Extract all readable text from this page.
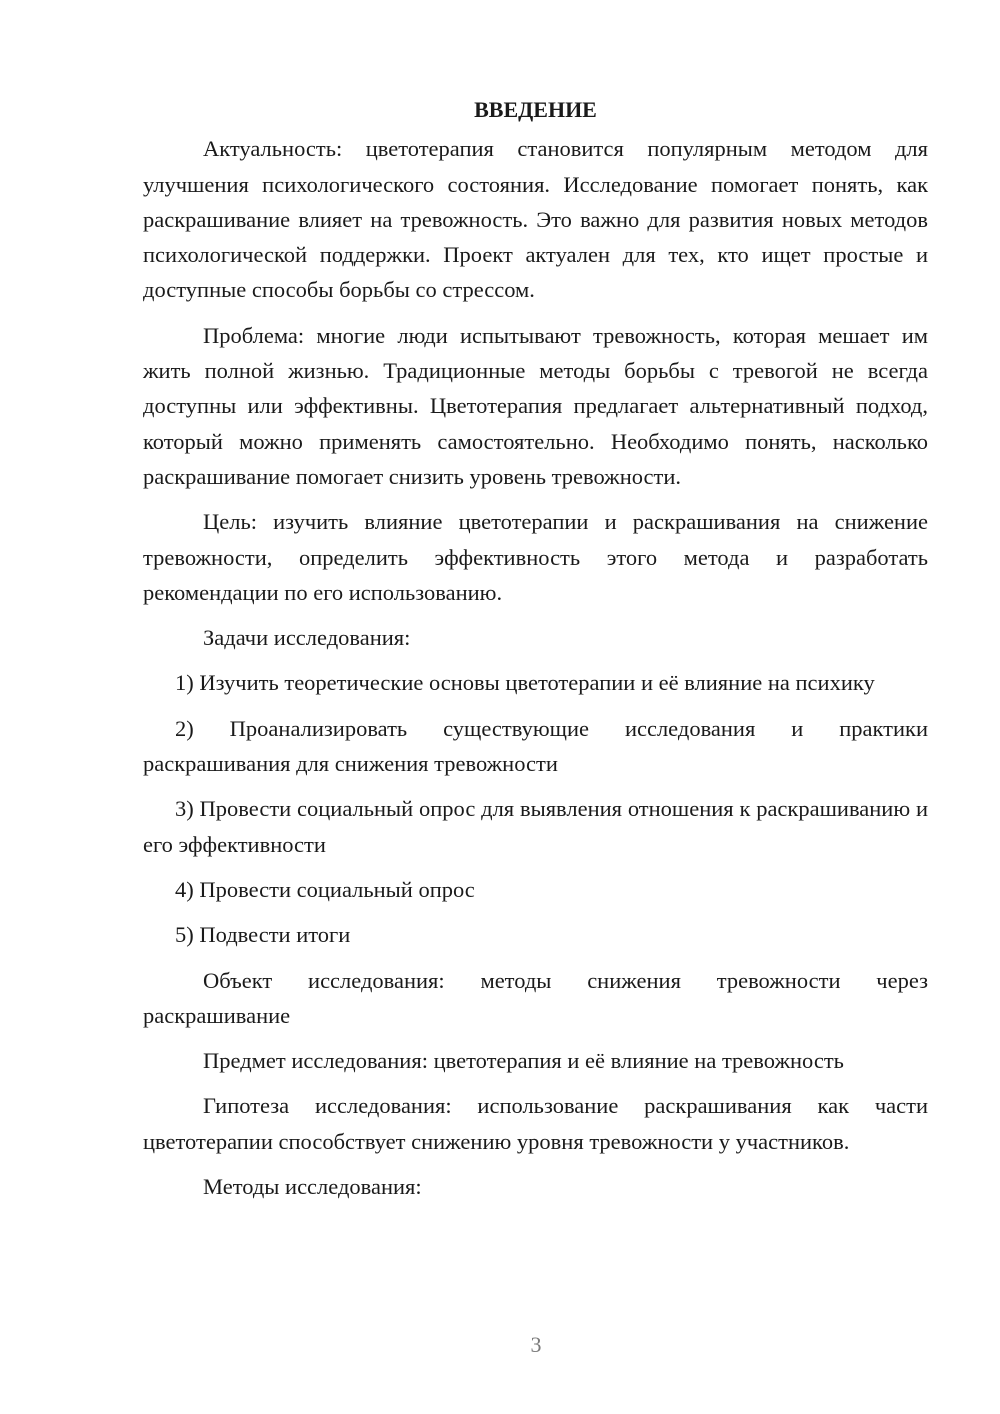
ВВЕДЕНИЕ

Актуальность: цветотерапия становится популярным методом для улучшения психологического состояния. Исследование помогает понять, как раскрашивание влияет на тревожность. Это важно для развития новых методов психологической поддержки. Проект актуален для тех, кто ищет простые и доступные способы борьбы со стрессом.

Проблема: многие люди испытывают тревожность, которая мешает им жить полной жизнью. Традиционные методы борьбы с тревогой не всегда доступны или эффективны. Цветотерапия предлагает альтернативный подход, который можно применять самостоятельно. Необходимо понять, насколько раскрашивание помогает снизить уровень тревожности.

Цель: изучить влияние цветотерапии и раскрашивания на снижение тревожности, определить эффективность этого метода и разработать рекомендации по его использованию.

Задачи исследования:

1) Изучить теоретические основы цветотерапии и её влияние на психику

2) Проанализировать существующие исследования и практики раскрашивания для снижения тревожности

3) Провести социальный опрос для выявления отношения к раскрашиванию и его эффективности

4) Провести социальный опрос

5) Подвести итоги

Объект исследования: методы снижения тревожности через раскрашивание

Предмет исследования: цветотерапия и её влияние на тревожность

Гипотеза исследования: использование раскрашивания как части цветотерапии способствует снижению уровня тревожности у участников.

Методы исследования:

3
